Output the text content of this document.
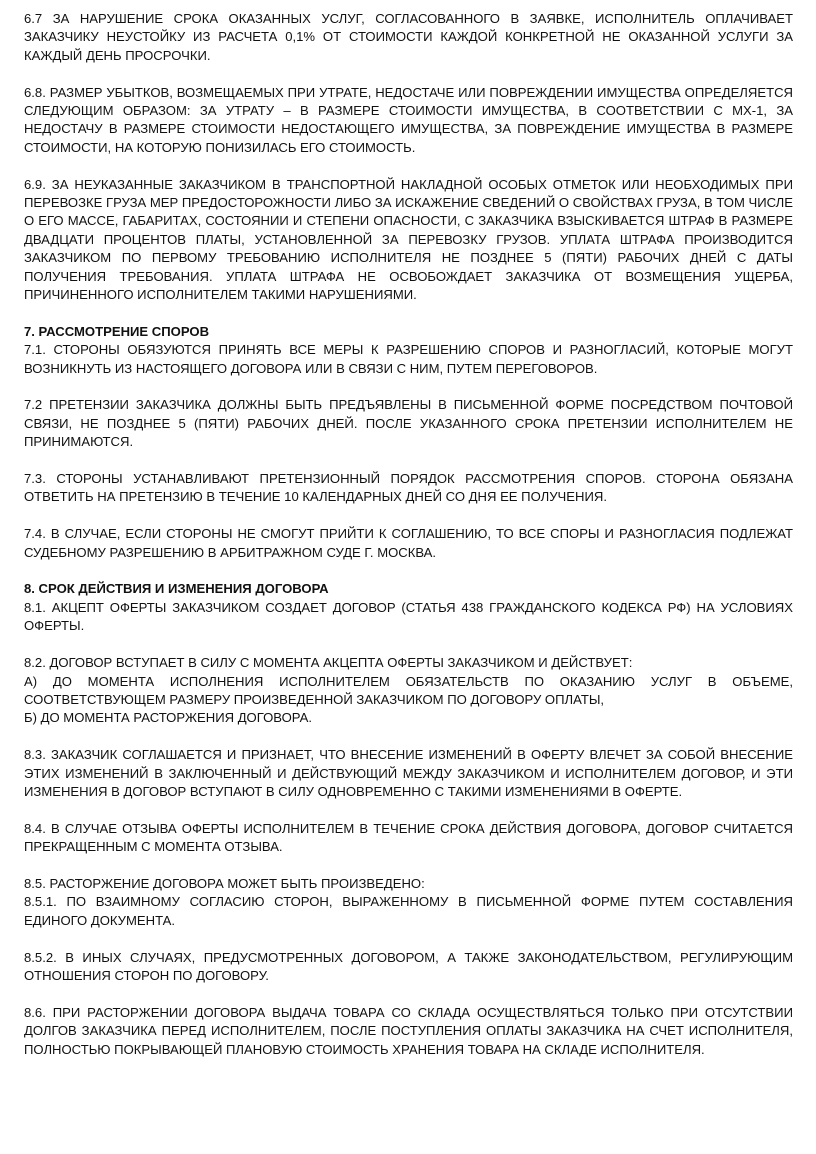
6.7 ЗА НАРУШЕНИЕ СРОКА ОКАЗАННЫХ УСЛУГ, СОГЛАСОВАННОГО В ЗАЯВКЕ, ИСПОЛНИТЕЛЬ ОПЛАЧИВАЕТ ЗАКАЗЧИКУ НЕУСТОЙКУ ИЗ РАСЧЕТА 0,1% ОТ СТОИМОСТИ КАЖДОЙ КОНКРЕТНОЙ НЕ ОКАЗАННОЙ УСЛУГИ ЗА КАЖДЫЙ ДЕНЬ ПРОСРОЧКИ.

6.8. РАЗМЕР УБЫТКОВ, ВОЗМЕЩАЕМЫХ ПРИ УТРАТЕ, НЕДОСТАЧЕ ИЛИ ПОВРЕЖДЕНИИ ИМУЩЕСТВА ОПРЕДЕЛЯЕТСЯ СЛЕДУЮЩИМ ОБРАЗОМ: ЗА УТРАТУ – В РАЗМЕРЕ СТОИМОСТИ ИМУЩЕСТВА, В СООТВЕТСТВИИ С МХ-1, ЗА НЕДОСТАЧУ В РАЗМЕРЕ СТОИМОСТИ НЕДОСТАЮЩЕГО ИМУЩЕСТВА, ЗА ПОВРЕЖДЕНИЕ ИМУЩЕСТВА В РАЗМЕРЕ СТОИМОСТИ, НА КОТОРУЮ ПОНИЗИЛАСЬ ЕГО СТОИМОСТЬ.

6.9. ЗА НЕУКАЗАННЫЕ ЗАКАЗЧИКОМ В ТРАНСПОРТНОЙ НАКЛАДНОЙ ОСОБЫХ ОТМЕТОК ИЛИ НЕОБХОДИМЫХ ПРИ ПЕРЕВОЗКЕ ГРУЗА МЕР ПРЕДОСТОРОЖНОСТИ ЛИБО ЗА ИСКАЖЕНИЕ СВЕДЕНИЙ О СВОЙСТВАХ ГРУЗА, В ТОМ ЧИСЛЕ О ЕГО МАССЕ, ГАБАРИТАХ, СОСТОЯНИИ И СТЕПЕНИ ОПАСНОСТИ, С ЗАКАЗЧИКА ВЗЫСКИВАЕТСЯ ШТРАФ В РАЗМЕРЕ ДВАДЦАТИ ПРОЦЕНТОВ ПЛАТЫ, УСТАНОВЛЕННОЙ ЗА ПЕРЕВОЗКУ ГРУЗОВ. УПЛАТА ШТРАФА ПРОИЗВОДИТСЯ ЗАКАЗЧИКОМ ПО ПЕРВОМУ ТРЕБОВАНИЮ ИСПОЛНИТЕЛЯ НЕ ПОЗДНЕЕ 5 (ПЯТИ) РАБОЧИХ ДНЕЙ С ДАТЫ ПОЛУЧЕНИЯ ТРЕБОВАНИЯ. УПЛАТА ШТРАФА НЕ ОСВОБОЖДАЕТ ЗАКАЗЧИКА ОТ ВОЗМЕЩЕНИЯ УЩЕРБА, ПРИЧИНЕННОГО ИСПОЛНИТЕЛЕМ ТАКИМИ НАРУШЕНИЯМИ.

7. РАССМОТРЕНИЕ СПОРОВ

7.1. СТОРОНЫ ОБЯЗУЮТСЯ ПРИНЯТЬ ВСЕ МЕРЫ К РАЗРЕШЕНИЮ СПОРОВ И РАЗНОГЛАСИЙ, КОТОРЫЕ МОГУТ ВОЗНИКНУТЬ ИЗ НАСТОЯЩЕГО ДОГОВОРА ИЛИ В СВЯЗИ С НИМ, ПУТЕМ ПЕРЕГОВОРОВ.

7.2 ПРЕТЕНЗИИ ЗАКАЗЧИКА ДОЛЖНЫ БЫТЬ ПРЕДЪЯВЛЕНЫ В ПИСЬМЕННОЙ ФОРМЕ ПОСРЕДСТВОМ ПОЧТОВОЙ СВЯЗИ, НЕ ПОЗДНЕЕ 5 (ПЯТИ) РАБОЧИХ ДНЕЙ. ПОСЛЕ УКАЗАННОГО СРОКА ПРЕТЕНЗИИ ИСПОЛНИТЕЛЕМ НЕ ПРИНИМАЮТСЯ.

7.3. СТОРОНЫ УСТАНАВЛИВАЮТ ПРЕТЕНЗИОННЫЙ ПОРЯДОК РАССМОТРЕНИЯ СПОРОВ. СТОРОНА ОБЯЗАНА ОТВЕТИТЬ НА ПРЕТЕНЗИЮ В ТЕЧЕНИЕ 10 КАЛЕНДАРНЫХ ДНЕЙ СО ДНЯ ЕЕ ПОЛУЧЕНИЯ.

7.4. В СЛУЧАЕ, ЕСЛИ СТОРОНЫ НЕ СМОГУТ ПРИЙТИ К СОГЛАШЕНИЮ, ТО ВСЕ СПОРЫ И РАЗНОГЛАСИЯ ПОДЛЕЖАТ СУДЕБНОМУ РАЗРЕШЕНИЮ В АРБИТРАЖНОМ СУДЕ Г. МОСКВА.

8. СРОК ДЕЙСТВИЯ И ИЗМЕНЕНИЯ ДОГОВОРА

8.1. АКЦЕПТ ОФЕРТЫ ЗАКАЗЧИКОМ СОЗДАЕТ ДОГОВОР (СТАТЬЯ 438 ГРАЖДАНСКОГО КОДЕКСА РФ) НА УСЛОВИЯХ ОФЕРТЫ.

8.2. ДОГОВОР ВСТУПАЕТ В СИЛУ С МОМЕНТА АКЦЕПТА ОФЕРТЫ ЗАКАЗЧИКОМ И ДЕЙСТВУЕТ:

А) ДО МОМЕНТА ИСПОЛНЕНИЯ ИСПОЛНИТЕЛЕМ ОБЯЗАТЕЛЬСТВ ПО ОКАЗАНИЮ УСЛУГ В ОБЪЕМЕ, СООТВЕТСТВУЮЩЕМ РАЗМЕРУ ПРОИЗВЕДЕННОЙ ЗАКАЗЧИКОМ ПО ДОГОВОРУ ОПЛАТЫ,

Б) ДО МОМЕНТА РАСТОРЖЕНИЯ ДОГОВОРА.

8.3. ЗАКАЗЧИК СОГЛАШАЕТСЯ И ПРИЗНАЕТ, ЧТО ВНЕСЕНИЕ ИЗМЕНЕНИЙ В ОФЕРТУ ВЛЕЧЕТ ЗА СОБОЙ ВНЕСЕНИЕ ЭТИХ ИЗМЕНЕНИЙ В ЗАКЛЮЧЕННЫЙ И ДЕЙСТВУЮЩИЙ МЕЖДУ ЗАКАЗЧИКОМ И ИСПОЛНИТЕЛЕМ ДОГОВОР, И ЭТИ ИЗМЕНЕНИЯ В ДОГОВОР ВСТУПАЮТ В СИЛУ ОДНОВРЕМЕННО С ТАКИМИ ИЗМЕНЕНИЯМИ В ОФЕРТЕ.

8.4. В СЛУЧАЕ ОТЗЫВА ОФЕРТЫ ИСПОЛНИТЕЛЕМ В ТЕЧЕНИЕ СРОКА ДЕЙСТВИЯ ДОГОВОРА, ДОГОВОР СЧИТАЕТСЯ ПРЕКРАЩЕННЫМ С МОМЕНТА ОТЗЫВА.

8.5. РАСТОРЖЕНИЕ ДОГОВОРА МОЖЕТ БЫТЬ ПРОИЗВЕДЕНО:

8.5.1. ПО ВЗАИМНОМУ СОГЛАСИЮ СТОРОН, ВЫРАЖЕННОМУ В ПИСЬМЕННОЙ ФОРМЕ ПУТЕМ СОСТАВЛЕНИЯ ЕДИНОГО ДОКУМЕНТА.

8.5.2. В ИНЫХ СЛУЧАЯХ, ПРЕДУСМОТРЕННЫХ ДОГОВОРОМ, А ТАКЖЕ ЗАКОНОДАТЕЛЬСТВОМ, РЕГУЛИРУЮЩИМ ОТНОШЕНИЯ СТОРОН ПО ДОГОВОРУ.

8.6. ПРИ РАСТОРЖЕНИИ ДОГОВОРА ВЫДАЧА ТОВАРА СО СКЛАДА ОСУЩЕСТВЛЯТЬСЯ ТОЛЬКО ПРИ ОТСУТСТВИИ ДОЛГОВ ЗАКАЗЧИКА ПЕРЕД ИСПОЛНИТЕЛЕМ, ПОСЛЕ ПОСТУПЛЕНИЯ ОПЛАТЫ ЗАКАЗЧИКА НА СЧЕТ ИСПОЛНИТЕЛЯ, ПОЛНОСТЬЮ ПОКРЫВАЮЩЕЙ ПЛАНОВУЮ СТОИМОСТЬ ХРАНЕНИЯ ТОВАРА НА СКЛАДЕ ИСПОЛНИТЕЛЯ.
